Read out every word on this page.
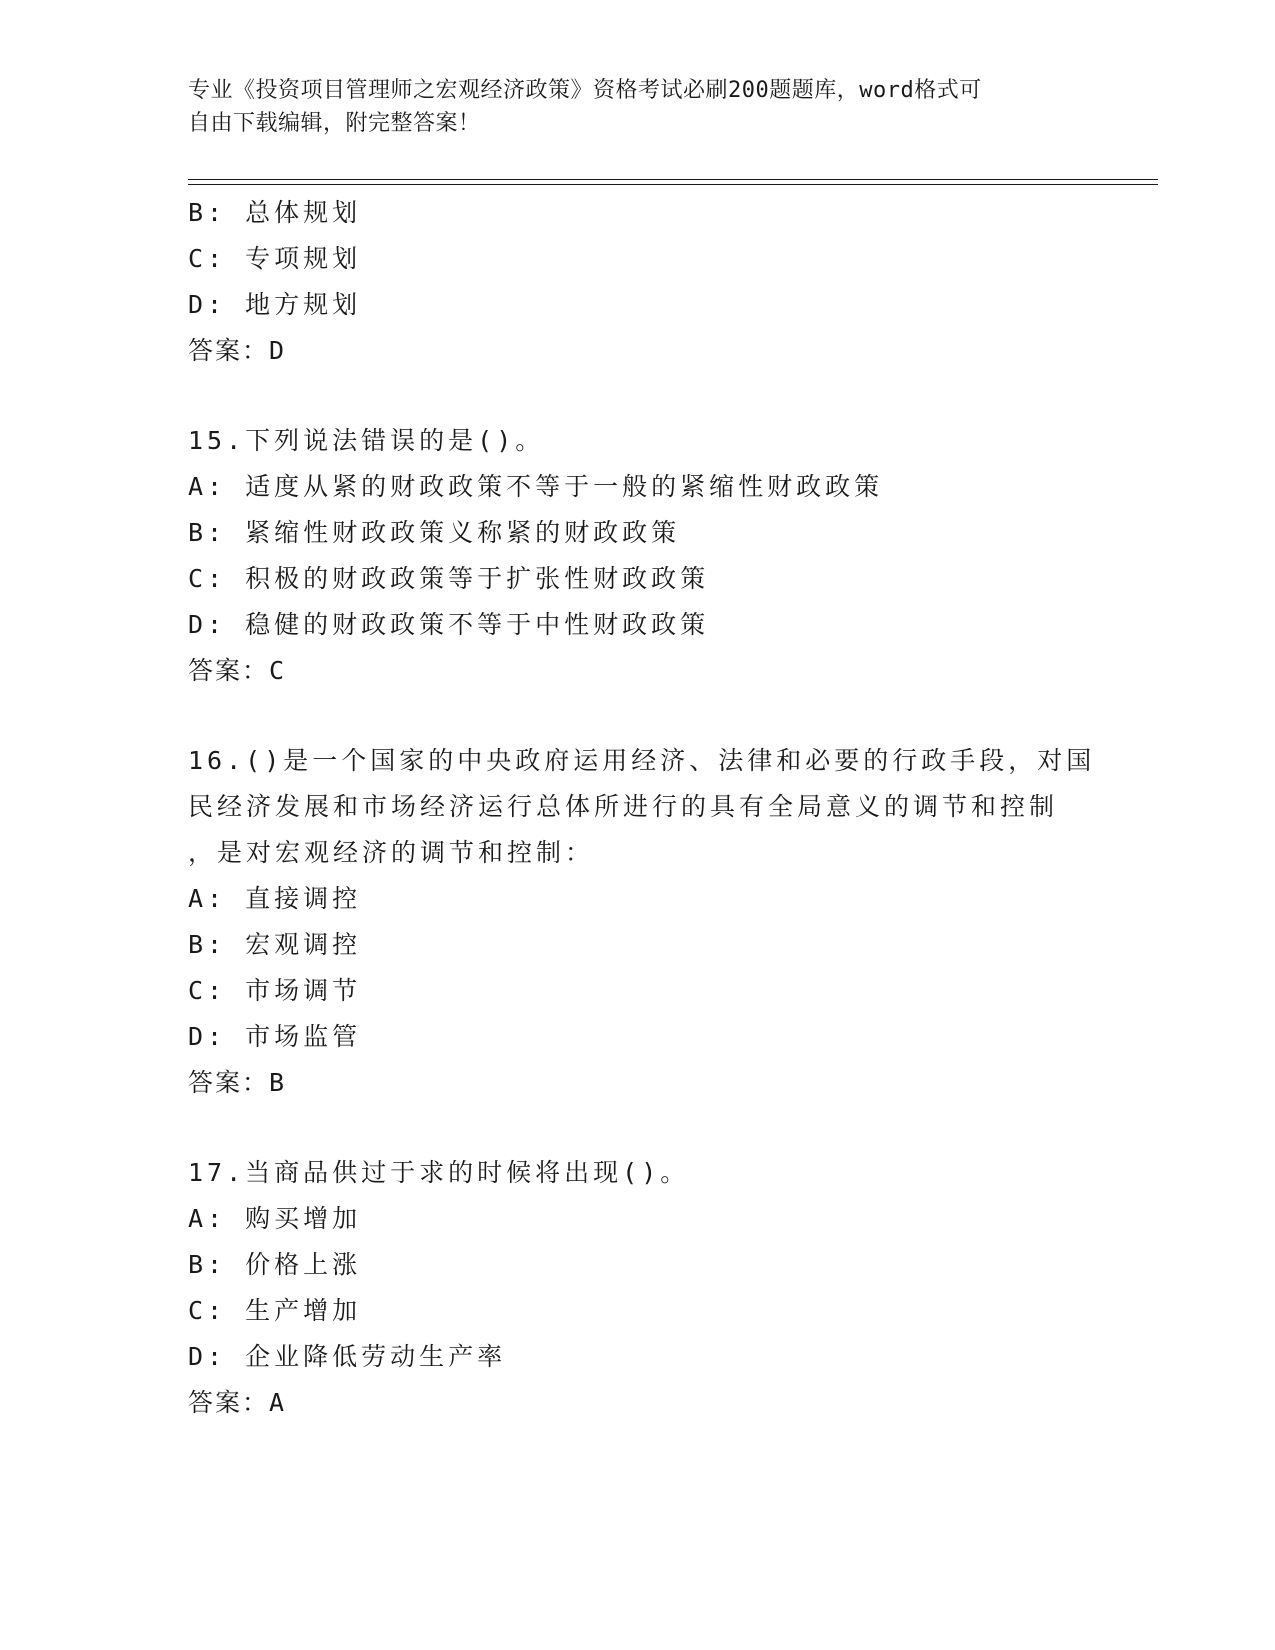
专业《投资项目管理师之宏观经济政策》资格考试必刷200题题库，word格式可
自由下载编辑，附完整答案！
B: 总体规划
C: 专项规划
D: 地方规划
答案：D
15.下列说法错误的是()。
A: 适度从紧的财政政策不等于一般的紧缩性财政政策
B: 紧缩性财政政策义称紧的财政政策
C: 积极的财政政策等于扩张性财政政策
D: 稳健的财政政策不等于中性财政政策
答案：C
16.()是一个国家的中央政府运用经济、法律和必要的行政手段，对国
民经济发展和市场经济运行总体所进行的具有全局意义的调节和控制
，是对宏观经济的调节和控制：
A: 直接调控
B: 宏观调控
C: 市场调节
D: 市场监管
答案：B
17.当商品供过于求的时候将出现()。
A: 购买增加
B: 价格上涨
C: 生产增加
D: 企业降低劳动生产率
答案：A
